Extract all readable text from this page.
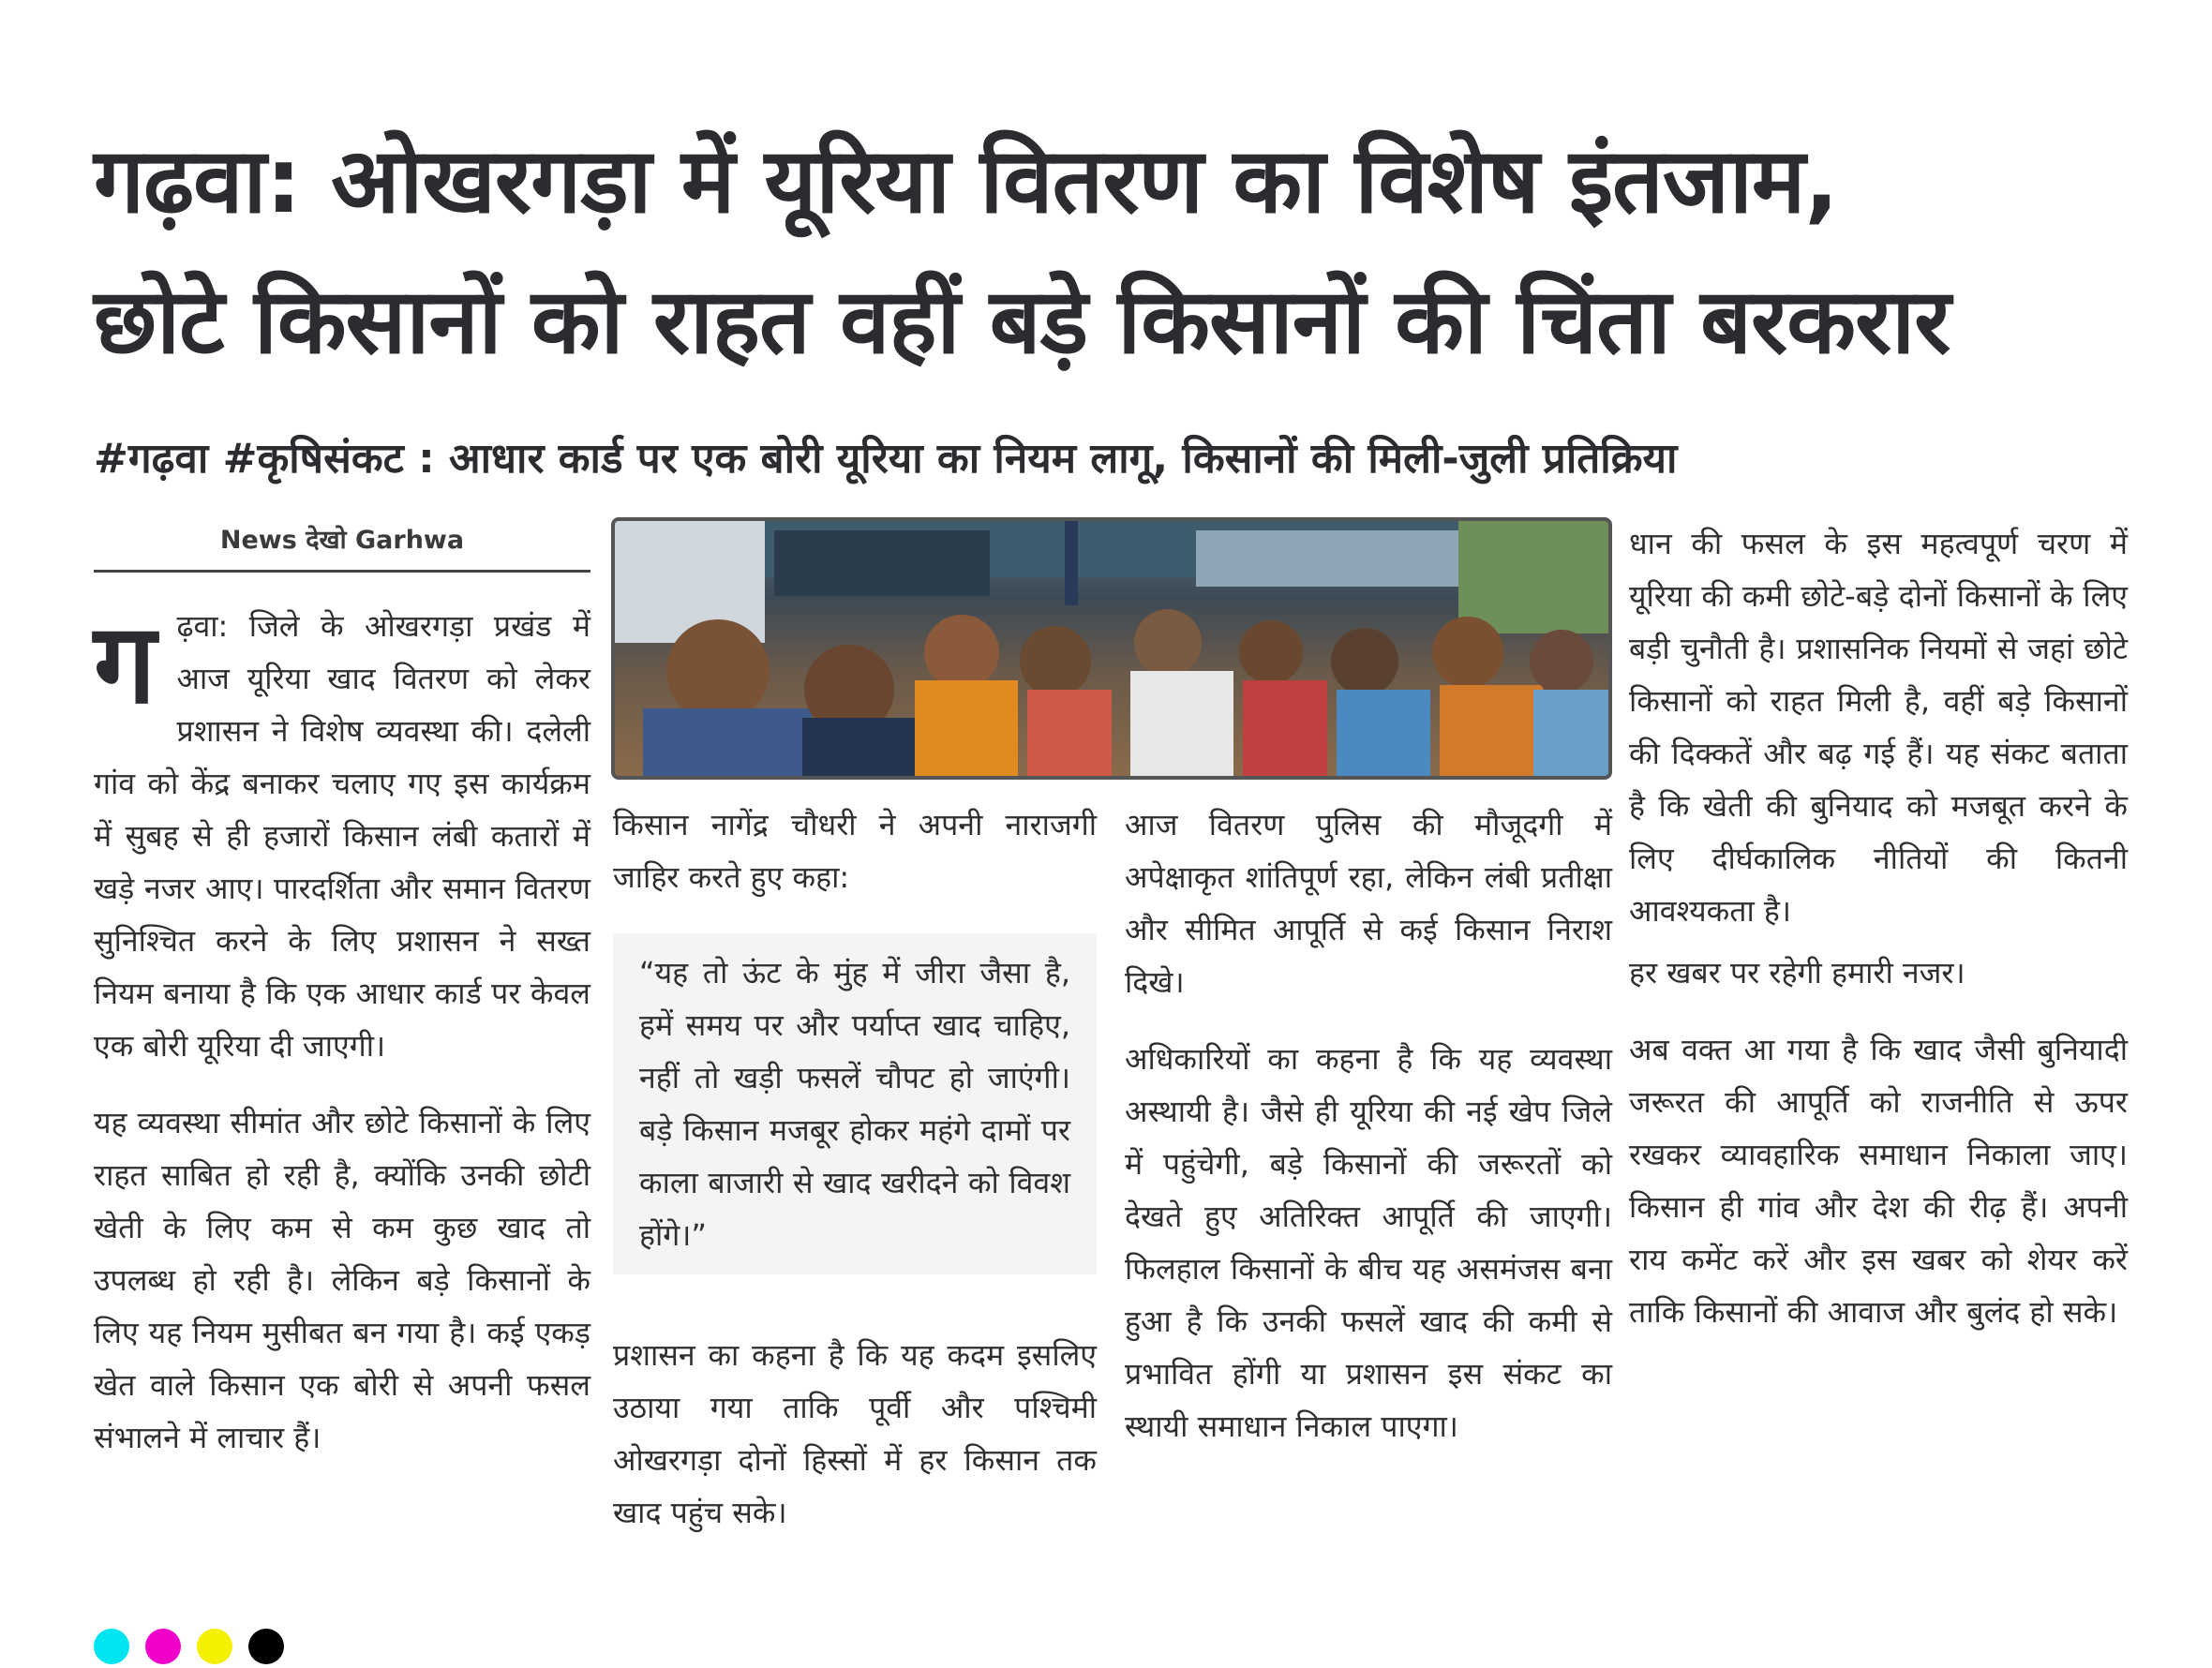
गढ़वा: ओखरगड़ा में यूरिया वितरण का विशेष इंतजाम,
छोटे किसानों को राहत वहीं बड़े किसानों की चिंता बरकरार
#गढ़वा #कृषिसंकट : आधार कार्ड पर एक बोरी यूरिया का नियम लागू, किसानों की मिली-जुली प्रतिक्रिया
News देखो Garhwa

ग ढ़वा: जिले के ओखरगड़ा प्रखंड में आज यूरिया खाद वितरण को लेकर प्रशासन ने विशेष व्यवस्था की। दलेली गांव को केंद्र बनाकर चलाए गए इस कार्यक्रम में सुबह से ही हजारों किसान लंबी कतारों में खड़े नजर आए। पारदर्शिता और समान वितरण सुनिश्चित करने के लिए प्रशासन ने सख्त नियम बनाया है कि एक आधार कार्ड पर केवल एक बोरी यूरिया दी जाएगी।

यह व्यवस्था सीमांत और छोटे किसानों के लिए राहत साबित हो रही है, क्योंकि उनकी छोटी खेती के लिए कम से कम कुछ खाद तो उपलब्ध हो रही है। लेकिन बड़े किसानों के लिए यह नियम मुसीबत बन गया है। कई एकड़ खेत वाले किसान एक बोरी से अपनी फसल संभालने में लाचार हैं।

किसान नागेंद्र चौधरी ने अपनी नाराजगी जाहिर करते हुए कहा:

“यह तो ऊंट के मुंह में जीरा जैसा है, हमें समय पर और पर्याप्त खाद चाहिए, नहीं तो खड़ी फसलें चौपट हो जाएंगी। बड़े किसान मजबूर होकर महंगे दामों पर काला बाजारी से खाद खरीदने को विवश होंगे।”

प्रशासन का कहना है कि यह कदम इसलिए उठाया गया ताकि पूर्वी और पश्चिमी ओखरगड़ा दोनों हिस्सों में हर किसान तक खाद पहुंच सके।

आज वितरण पुलिस की मौजूदगी में अपेक्षाकृत शांतिपूर्ण रहा, लेकिन लंबी प्रतीक्षा और सीमित आपूर्ति से कई किसान निराश दिखे।

अधिकारियों का कहना है कि यह व्यवस्था अस्थायी है। जैसे ही यूरिया की नई खेप जिले में पहुंचेगी, बड़े किसानों की जरूरतों को देखते हुए अतिरिक्त आपूर्ति की जाएगी। फिलहाल किसानों के बीच यह असमंजस बना हुआ है कि उनकी फसलें खाद की कमी से प्रभावित होंगी या प्रशासन इस संकट का स्थायी समाधान निकाल पाएगा।

धान की फसल के इस महत्वपूर्ण चरण में यूरिया की कमी छोटे-बड़े दोनों किसानों के लिए बड़ी चुनौती है। प्रशासनिक नियमों से जहां छोटे किसानों को राहत मिली है, वहीं बड़े किसानों की दिक्कतें और बढ़ गई हैं। यह संकट बताता है कि खेती की बुनियाद को मजबूत करने के लिए दीर्घकालिक नीतियों की कितनी आवश्यकता है।

हर खबर पर रहेगी हमारी नजर।

अब वक्त आ गया है कि खाद जैसी बुनियादी जरूरत की आपूर्ति को राजनीति से ऊपर रखकर व्यावहारिक समाधान निकाला जाए। किसान ही गांव और देश की रीढ़ हैं। अपनी राय कमेंट करें और इस खबर को शेयर करें ताकि किसानों की आवाज और बुलंद हो सके।
